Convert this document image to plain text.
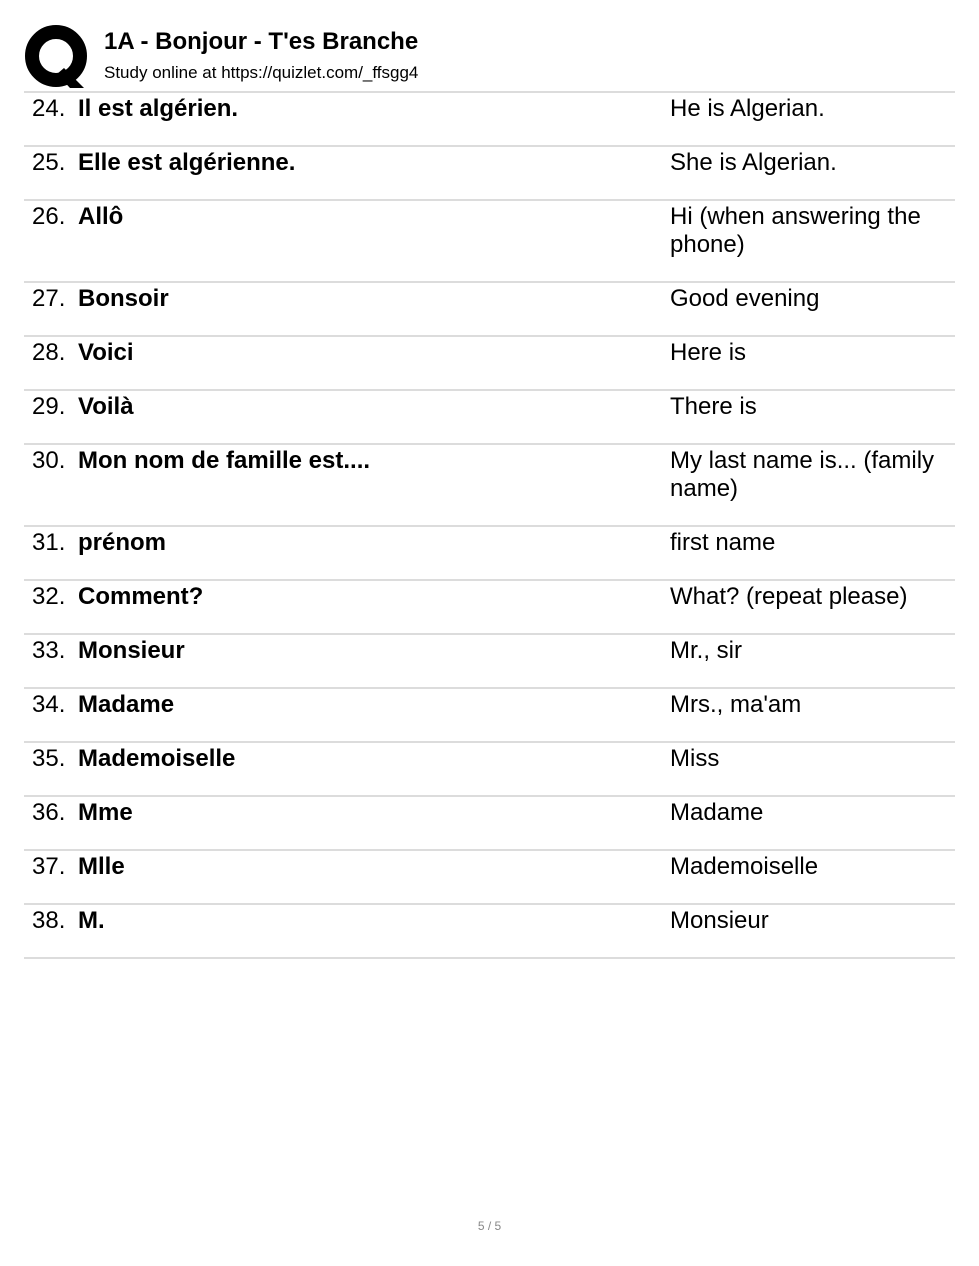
1A - Bonjour - T'es Branche
Study online at https://quizlet.com/_ffsgg4
24. Il est algérien.	He is Algerian.
25. Elle est algérienne.	She is Algerian.
26. Allô	Hi (when answering the phone)
27. Bonsoir	Good evening
28. Voici	Here is
29. Voilà	There is
30. Mon nom de famille est....	My last name is... (family name)
31. prénom	first name
32. Comment?	What? (repeat please)
33. Monsieur	Mr., sir
34. Madame	Mrs., ma'am
35. Mademoiselle	Miss
36. Mme	Madame
37. Mlle	Mademoiselle
38. M.	Monsieur
5 / 5
